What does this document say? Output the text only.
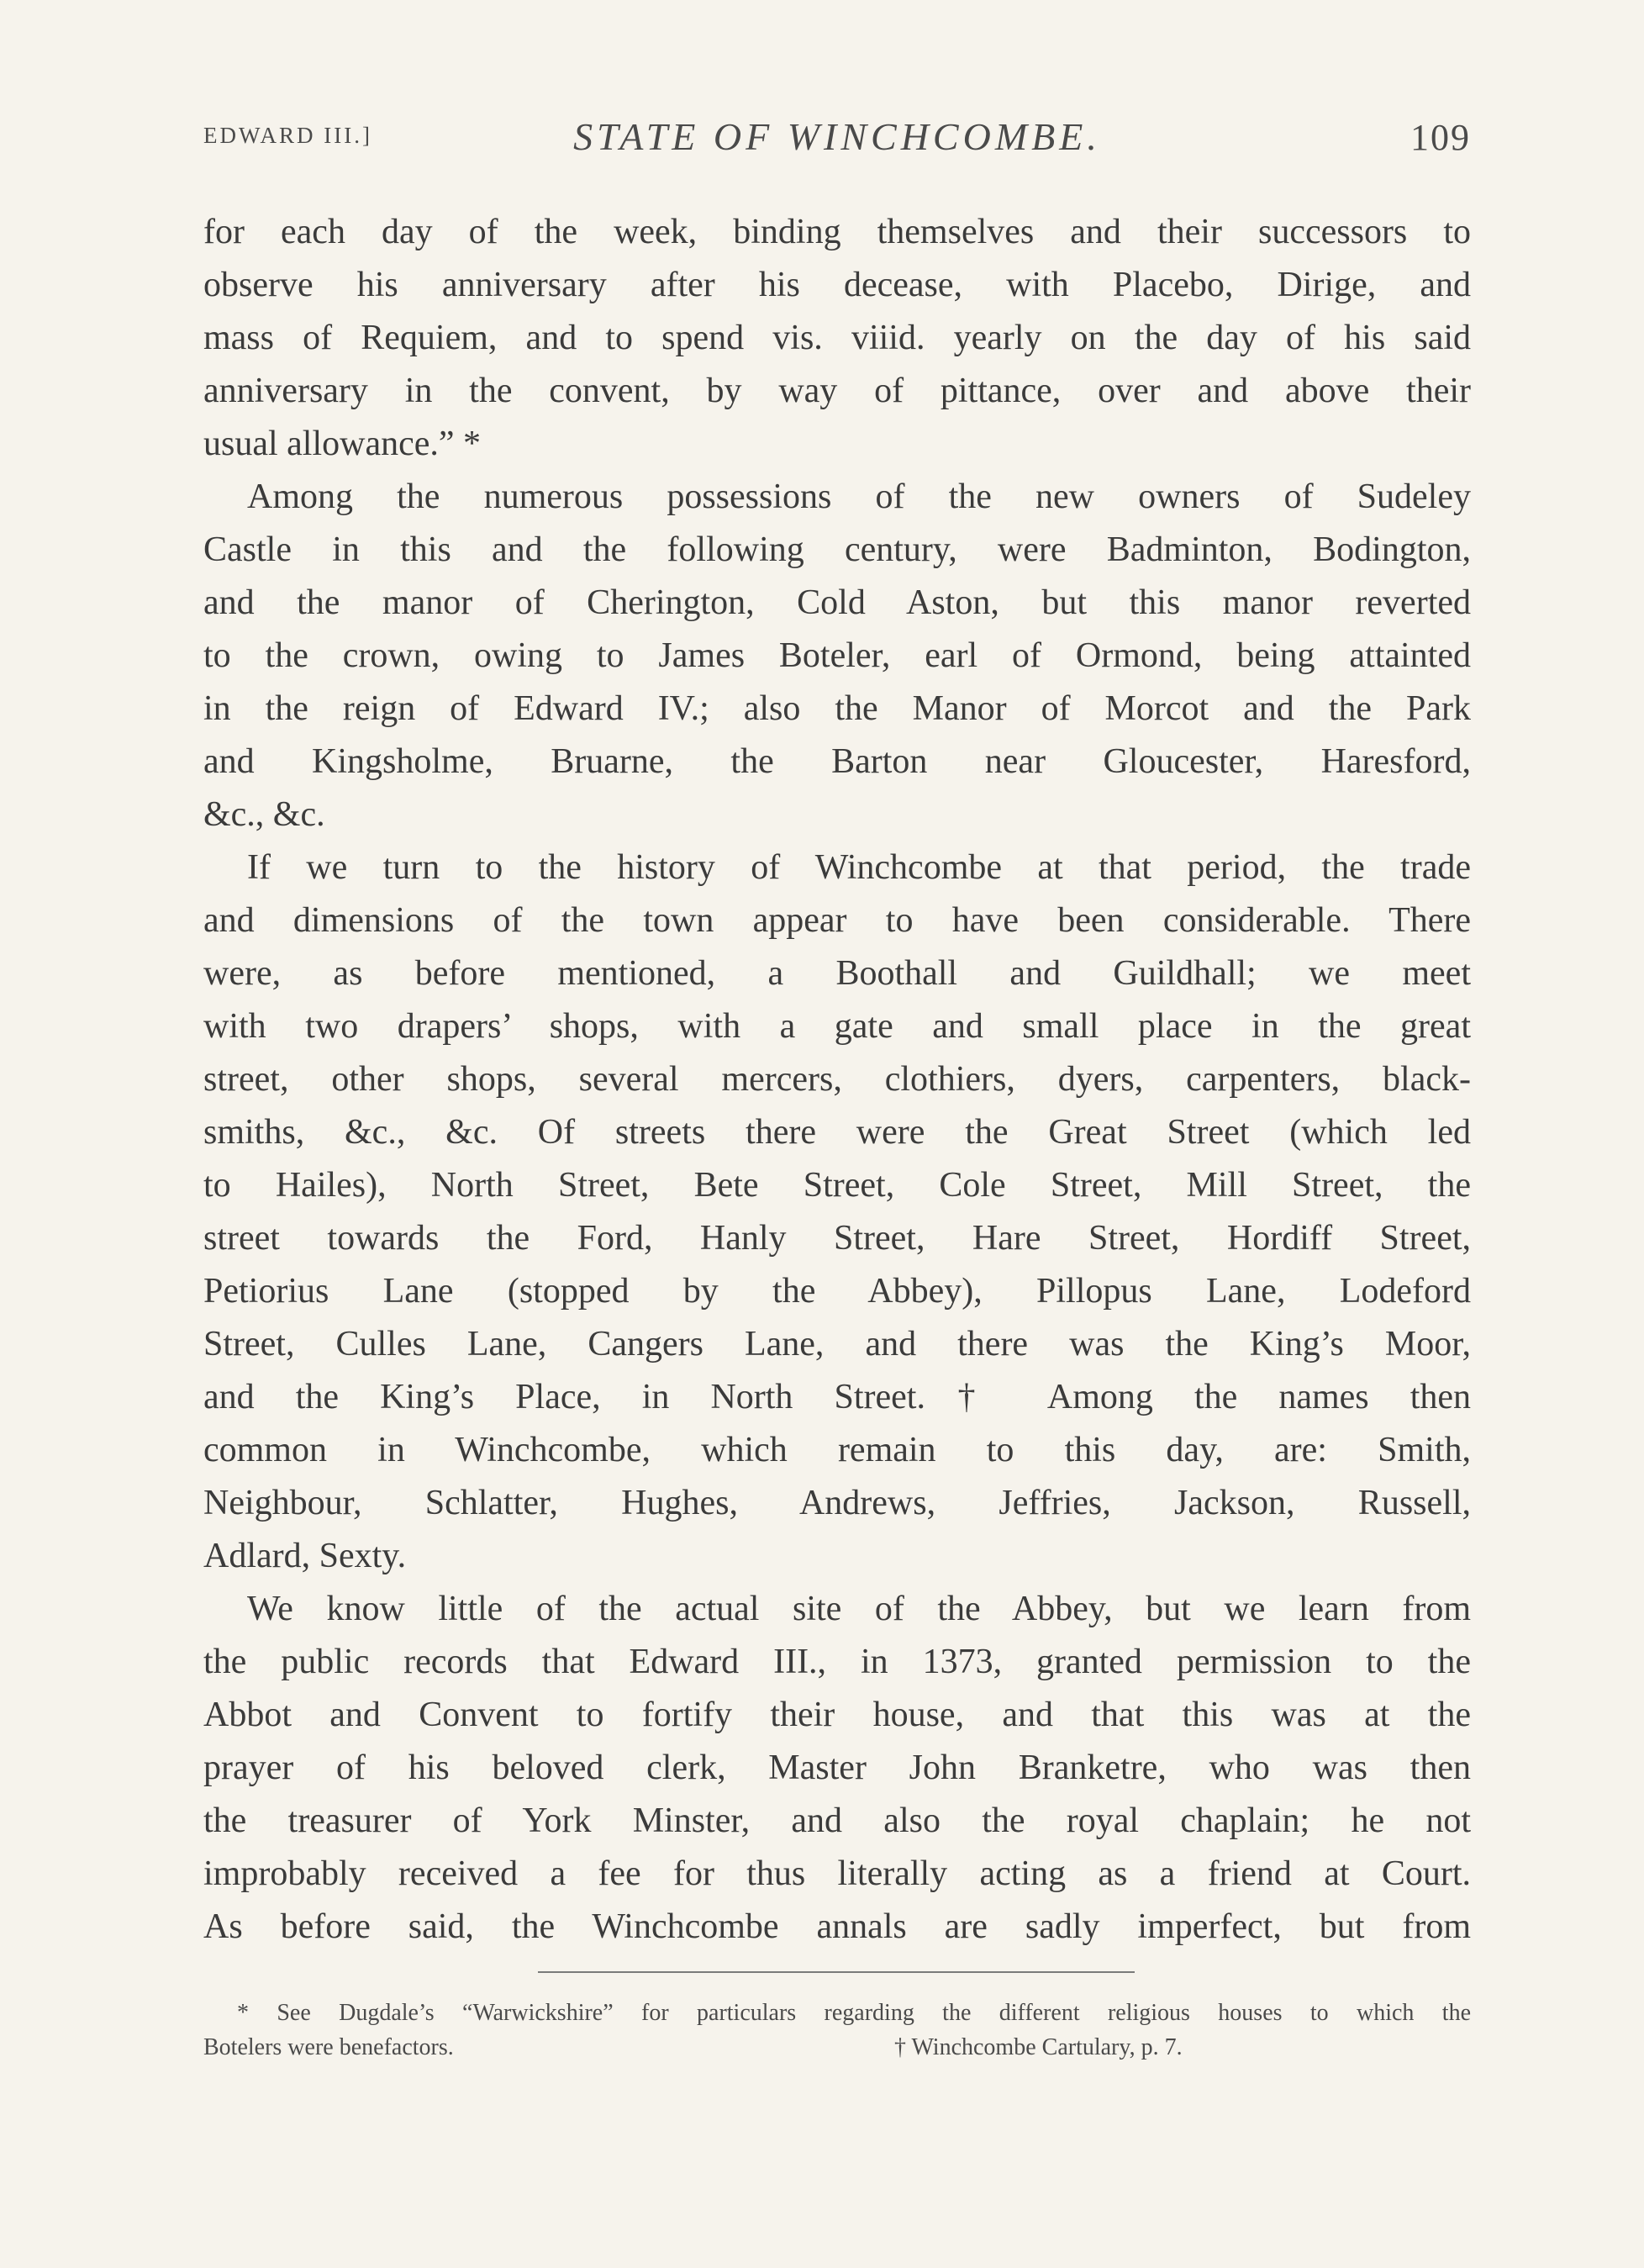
EDWARD III.]	STATE OF WINCHCOMBE.	109
for each day of the week, binding themselves and their successors to
observe his anniversary after his decease, with Placebo, Dirige, and
mass of Requiem, and to spend vis. viiid. yearly on the day of his said
anniversary in the convent, by way of pittance, over and above their
usual allowance.” *
Among the numerous possessions of the new owners of Sudeley
Castle in this and the following century, were Badminton, Bodington,
and the manor of Cherington, Cold Aston, but this manor reverted
to the crown, owing to James Boteler, earl of Ormond, being attainted
in the reign of Edward IV.; also the Manor of Morcot and the Park
and Kingsholme, Bruarne, the Barton near Gloucester, Haresford,
&c., &c.
If we turn to the history of Winchcombe at that period, the trade
and dimensions of the town appear to have been considerable. There
were, as before mentioned, a Boothall and Guildhall; we meet
with two drapers’ shops, with a gate and small place in the great
street, other shops, several mercers, clothiers, dyers, carpenters, black-
smiths, &c., &c. Of streets there were the Great Street (which led
to Hailes), North Street, Bete Street, Cole Street, Mill Street, the
street towards the Ford, Hanly Street, Hare Street, Hordiff Street,
Petiorius Lane (stopped by the Abbey), Pillopus Lane, Lodeford
Street, Culles Lane, Cangers Lane, and there was the King’s Moor,
and the King’s Place, in North Street.† Among the names then
common in Winchcombe, which remain to this day, are: Smith,
Neighbour, Schlatter, Hughes, Andrews, Jeffries, Jackson, Russell,
Adlard, Sexty.
We know little of the actual site of the Abbey, but we learn from
the public records that Edward III., in 1373, granted permission to the
Abbot and Convent to fortify their house, and that this was at the
prayer of his beloved clerk, Master John Branketre, who was then
the treasurer of York Minster, and also the royal chaplain; he not
improbably received a fee for thus literally acting as a friend at Court.
As before said, the Winchcombe annals are sadly imperfect, but from
* See Dugdale’s “Warwickshire” for particulars regarding the different religious houses to which the
Botelers were benefactors.	† Winchcombe Cartulary, p. 7.
